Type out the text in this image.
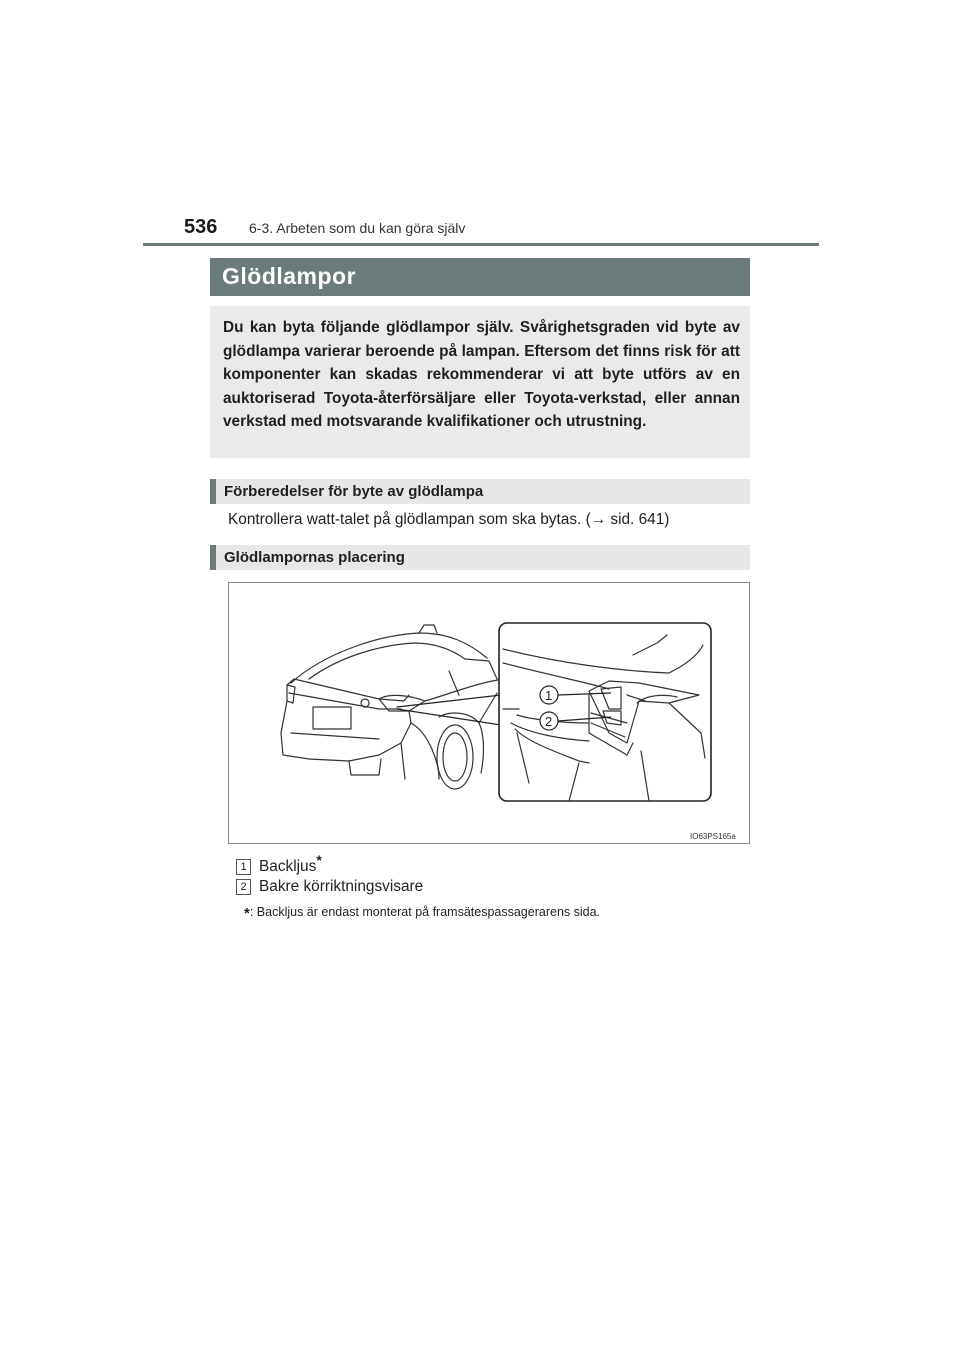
536 6-3. Arbeten som du kan göra själv
Glödlampor

Du kan byta följande glödlampor själv. Svårighetsgraden vid byte av glödlampa varierar beroende på lampan. Eftersom det finns risk för att komponenter kan skadas rekommenderar vi att byte utförs av en auktoriserad Toyota-återförsäljare eller Toyota-verkstad, eller annan verkstad med motsvarande kvalifikationer och utrustning.

Förberedelser för byte av glödlampa
Kontrollera watt-talet på glödlampan som ska bytas. (→ sid. 641)
Glödlampornas placering
1
2
IO63PS165a
1 Backljus*
2 Bakre körriktningsvisare
*: Backljus är endast monterat på framsätespassagerarens sida.
